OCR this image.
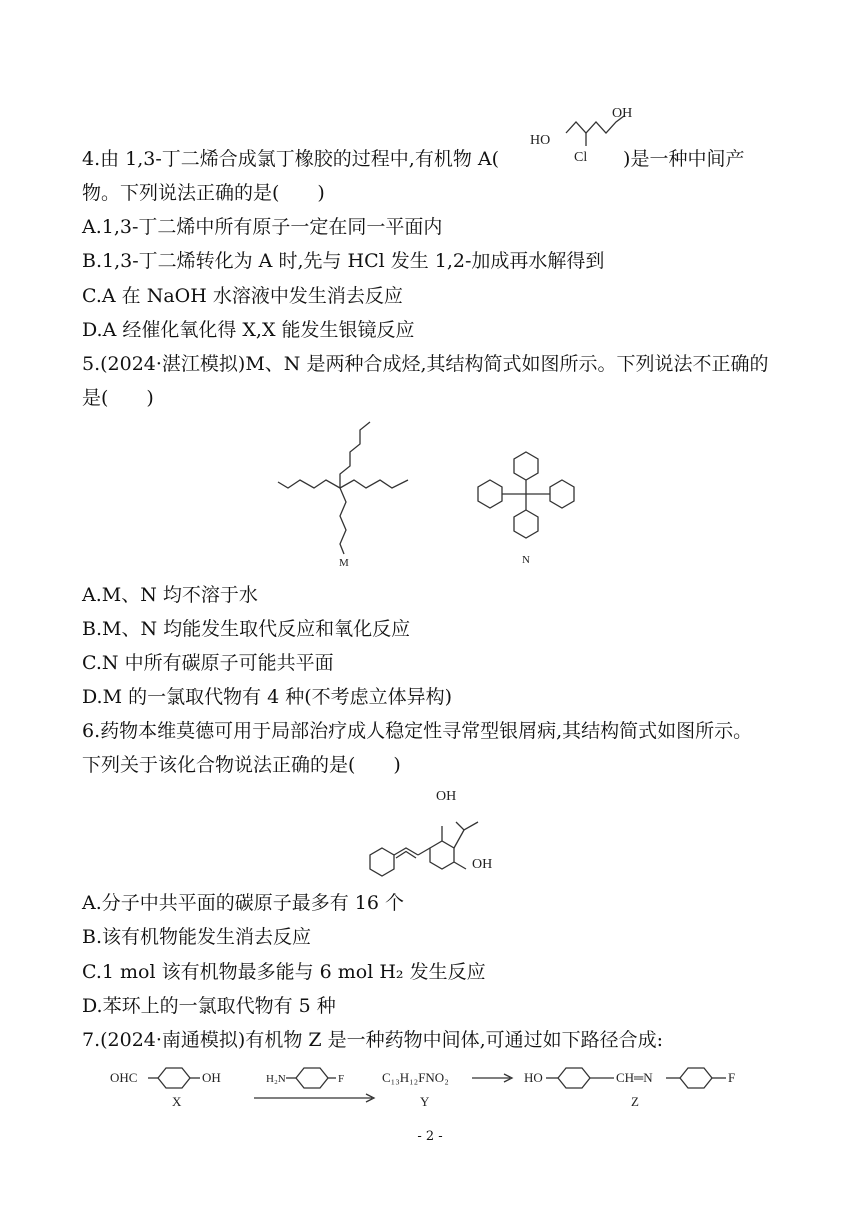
4.由 1,3-丁二烯合成氯丁橡胶的过程中,有机物 A(	)是一种中间产
OH
HO
Cl
物。下列说法正确的是(　　)
A.1,3-丁二烯中所有原子一定在同一平面内
B.1,3-丁二烯转化为 A 时,先与 HCl 发生 1,2-加成再水解得到
C.A 在 NaOH 水溶液中发生消去反应
D.A 经催化氧化得 X,X 能发生银镜反应
5.(2024·湛江模拟)M、N 是两种合成烃,其结构简式如图所示。下列说法不正确的
是(　　)
M	N
A.M、N 均不溶于水
B.M、N 均能发生取代反应和氧化反应
C.N 中所有碳原子可能共平面
D.M 的一氯取代物有 4 种(不考虑立体异构)
6.药物本维莫德可用于局部治疗成人稳定性寻常型银屑病,其结构简式如图所示。
下列关于该化合物说法正确的是(　　)
OH
OH
A.分子中共平面的碳原子最多有 16 个
B.该有机物能发生消去反应
C.1 mol 该有机物最多能与 6 mol H₂ 发生反应
D.苯环上的一氯取代物有 5 种
7.(2024·南通模拟)有机物 Z 是一种药物中间体,可通过如下路径合成:
OHC	OH
X
H₂N	F	C₁₃H₁₂FNO₂
Y
HO	CH═N	F
Z
- 2 -
